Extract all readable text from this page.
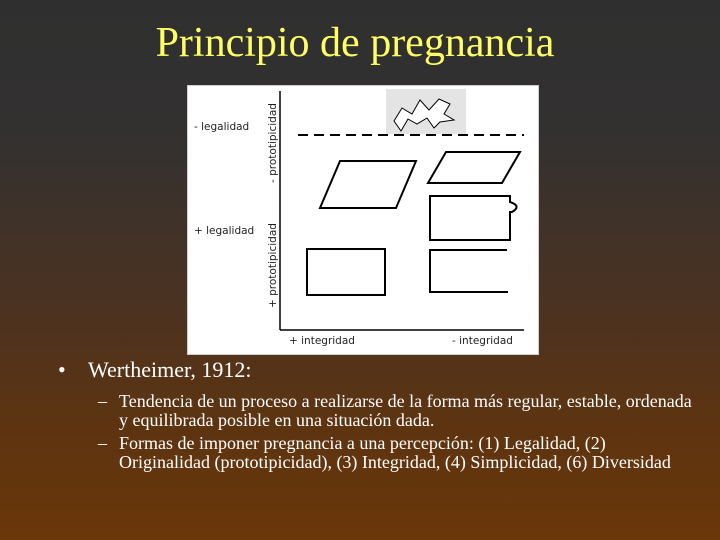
Principio de pregnancia
- legalidad
+ legalidad
- prototipicidad
+ prototipicidad
+ integridad	- integridad
• Wertheimer, 1912:
– Tendencia de un proceso a realizarse de la forma más regular, estable, ordenada y equilibrada posible en una situación dada.
– Formas de imponer pregnancia a una percepción: (1) Legalidad, (2) Originalidad (prototipicidad), (3) Integridad, (4) Simplicidad, (6) Diversidad
